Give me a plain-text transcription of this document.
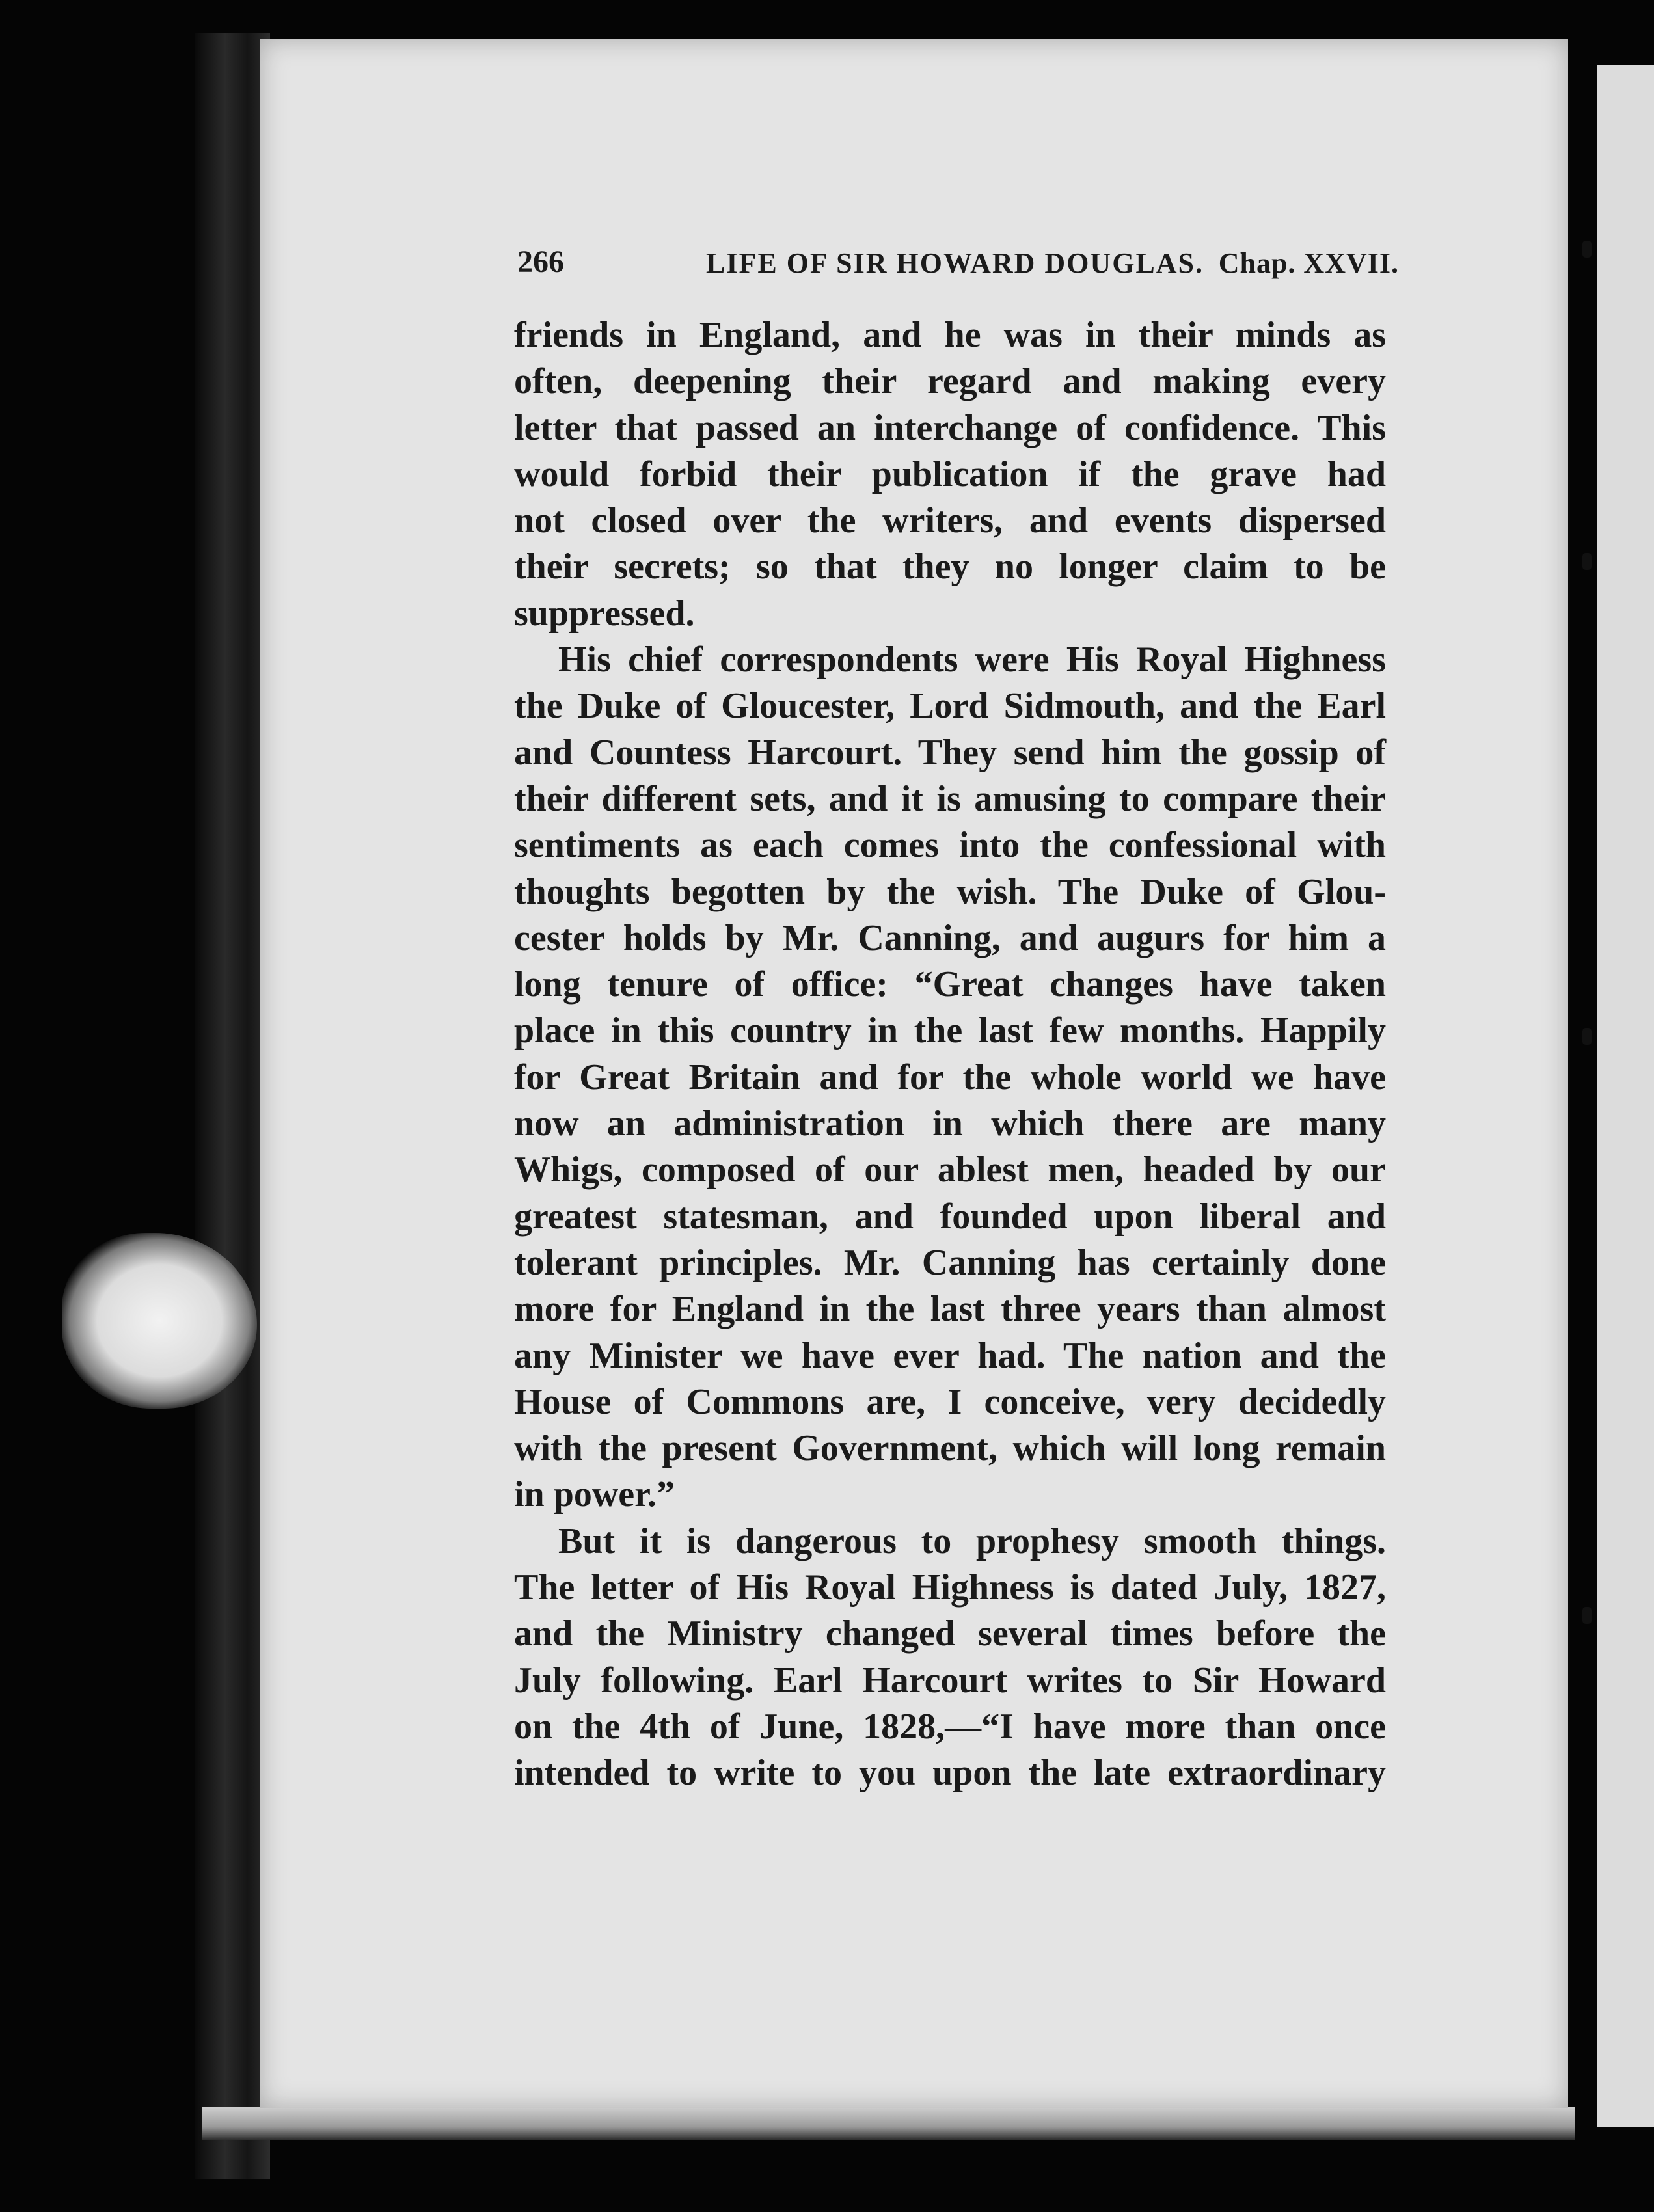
266	LIFE OF SIR HOWARD DOUGLAS. Chap. XXVII.
friends in England, and he was in their minds as
often, deepening their regard and making every
letter that passed an interchange of confidence. This
would forbid their publication if the grave had
not closed over the writers, and events dispersed
their secrets; so that they no longer claim to be
suppressed.
His chief correspondents were His Royal Highness
the Duke of Gloucester, Lord Sidmouth, and the Earl
and Countess Harcourt. They send him the gossip of
their different sets, and it is amusing to compare their
sentiments as each comes into the confessional with
thoughts begotten by the wish. The Duke of Glou-
cester holds by Mr. Canning, and augurs for him a
long tenure of office: “Great changes have taken
place in this country in the last few months. Happily
for Great Britain and for the whole world we have
now an administration in which there are many
Whigs, composed of our ablest men, headed by our
greatest statesman, and founded upon liberal and
tolerant principles. Mr. Canning has certainly done
more for England in the last three years than almost
any Minister we have ever had. The nation and the
House of Commons are, I conceive, very decidedly
with the present Government, which will long remain
in power.”
But it is dangerous to prophesy smooth things.
The letter of His Royal Highness is dated July, 1827,
and the Ministry changed several times before the
July following. Earl Harcourt writes to Sir Howard
on the 4th of June, 1828,—“I have more than once
intended to write to you upon the late extraordinary
